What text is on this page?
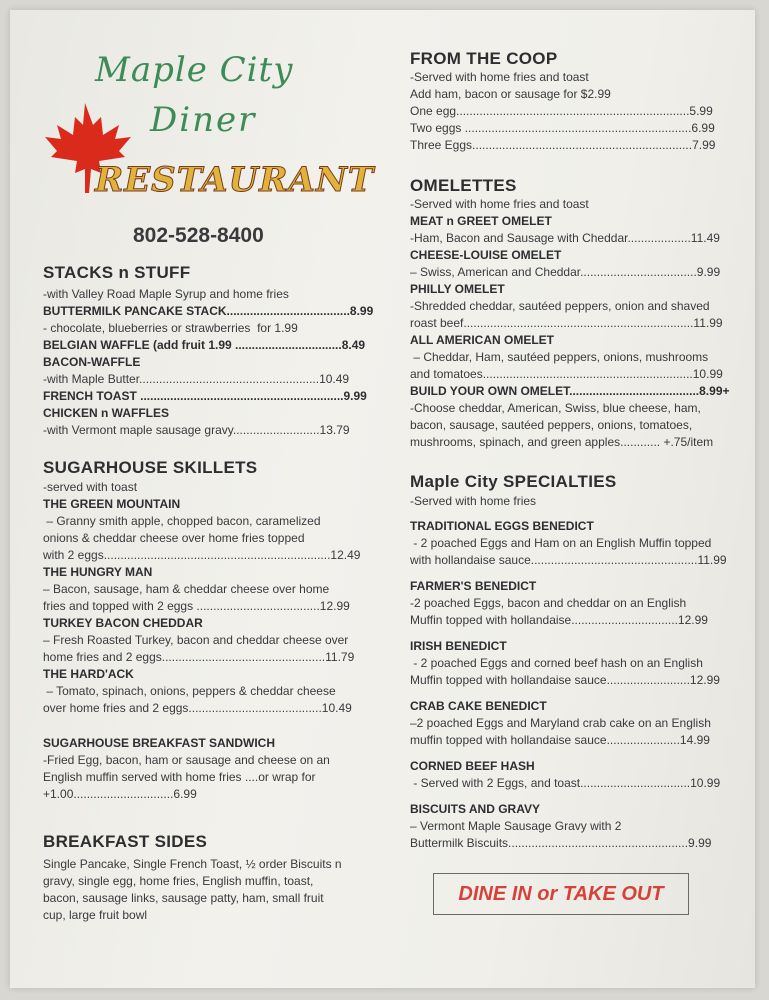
Maple City
Diner
RESTAURANT
802-528-8400
STACKS n STUFF
-with Valley Road Maple Syrup and home fries
BUTTERMILK PANCAKE STACK.....................................8.99
- chocolate, blueberries or strawberries  for 1.99
BELGIAN WAFFLE (add fruit 1.99 ................................8.49
BACON-WAFFLE
-with Maple Butter......................................................10.49
FRENCH TOAST .............................................................9.99
CHICKEN n WAFFLES
-with Vermont maple sausage gravy..........................13.79
SUGARHOUSE SKILLETS
-served with toast
THE GREEN MOUNTAIN
– Granny smith apple, chopped bacon, caramelized
onions & cheddar cheese over home fries topped
with 2 eggs....................................................................12.49
THE HUNGRY MAN
– Bacon, sausage, ham & cheddar cheese over home
fries and topped with 2 eggs .....................................12.99
TURKEY BACON CHEDDAR
– Fresh Roasted Turkey, bacon and cheddar cheese over
home fries and 2 eggs.................................................11.79
THE HARD'ACK
– Tomato, spinach, onions, peppers & cheddar cheese
over home fries and 2 eggs........................................10.49
SUGARHOUSE BREAKFAST SANDWICH
-Fried Egg, bacon, ham or sausage and cheese on an
English muffin served with home fries ....or wrap for
+1.00..............................6.99
BREAKFAST SIDES
Single Pancake, Single French Toast, ½ order Biscuits n
gravy, single egg, home fries, English muffin, toast,
bacon, sausage links, sausage patty, ham, small fruit
cup, large fruit bowl
FROM THE COOP
-Served with home fries and toast
Add ham, bacon or sausage for $2.99
One egg......................................................................5.99
Two eggs ....................................................................6.99
Three Eggs..................................................................7.99
OMELETTES
-Served with home fries and toast
MEAT n GREET OMELET
-Ham, Bacon and Sausage with Cheddar...................11.49
CHEESE-LOUISE OMELET
– Swiss, American and Cheddar...................................9.99
PHILLY OMELET
-Shredded cheddar, sautéed peppers, onion and shaved
roast beef.....................................................................11.99
ALL AMERICAN OMELET
– Cheddar, Ham, sautéed peppers, onions, mushrooms
and tomatoes...............................................................10.99
BUILD YOUR OWN OMELET.......................................8.99+
-Choose cheddar, American, Swiss, blue cheese, ham,
bacon, sausage, sautéed peppers, onions, tomatoes,
mushrooms, spinach, and green apples............ +.75/item
Maple City SPECIALTIES
-Served with home fries
TRADITIONAL EGGS BENEDICT
- 2 poached Eggs and Ham on an English Muffin topped
with hollandaise sauce..................................................11.99
FARMER'S BENEDICT
-2 poached Eggs, bacon and cheddar on an English
Muffin topped with hollandaise................................12.99
IRISH BENEDICT
- 2 poached Eggs and corned beef hash on an English
Muffin topped with hollandaise sauce.........................12.99
CRAB CAKE BENEDICT
–2 poached Eggs and Maryland crab cake on an English
muffin topped with hollandaise sauce......................14.99
CORNED BEEF HASH
- Served with 2 Eggs, and toast.................................10.99
BISCUITS AND GRAVY
– Vermont Maple Sausage Gravy with 2
Buttermilk Biscuits......................................................9.99
DINE IN or TAKE OUT
